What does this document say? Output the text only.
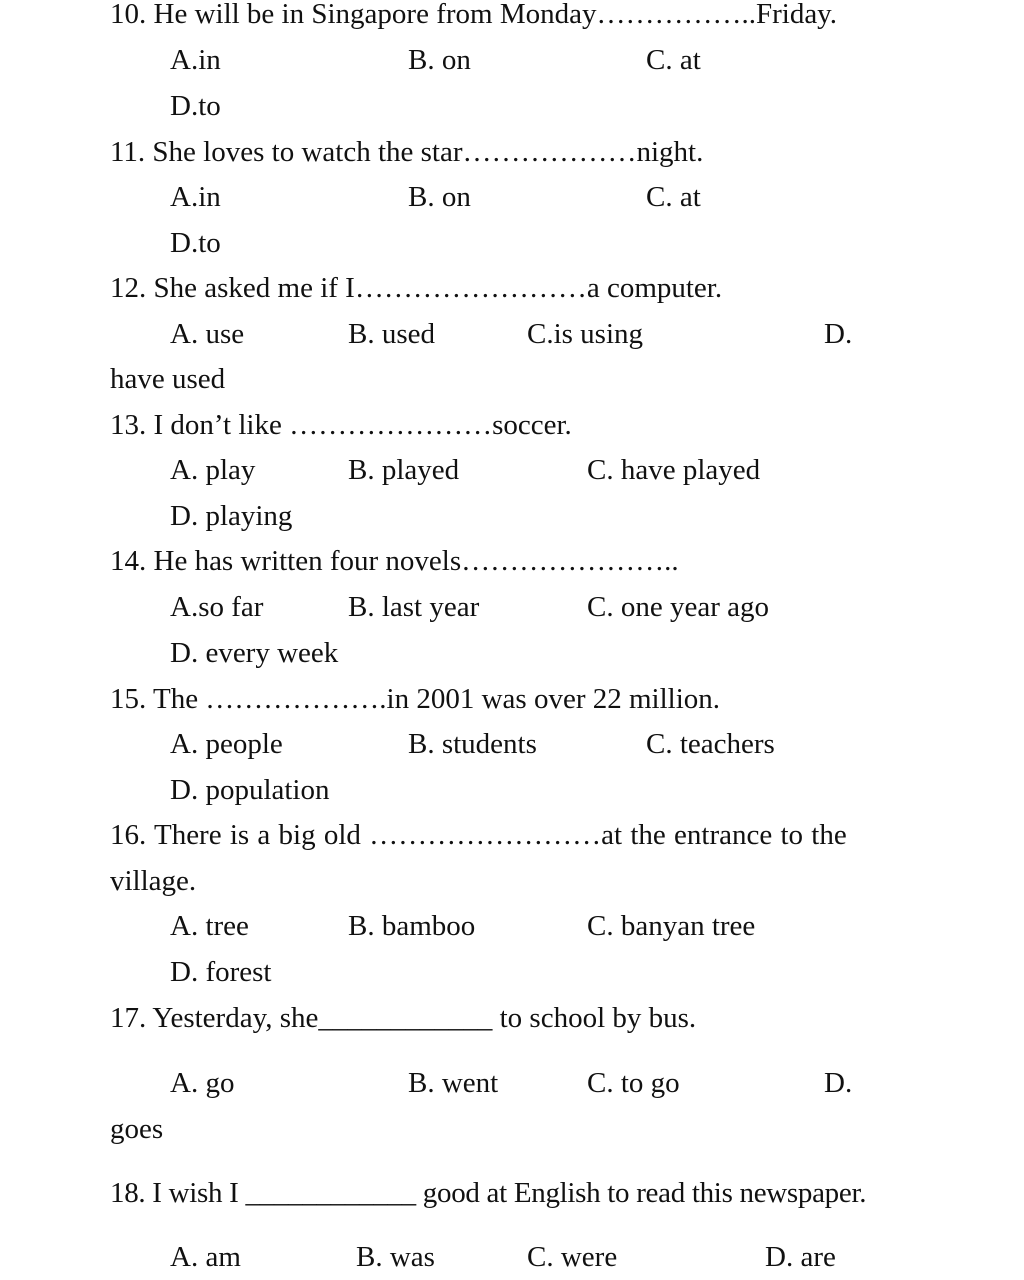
10. He will be in Singapore from Monday……………..Friday.
A.in	B. on	C. at
D.to
11. She loves to watch the star………………night.
A.in	B. on	C. at
D.to
12. She asked me if I……………………a computer.
A. use	B. used	C.is using	D.
have used
13. I don’t like …………………soccer.
A. play	B. played	C. have played
D. playing
14. He has written four novels…………………..
A.so far	B. last year	C. one year ago
D. every week
15. The ……………….in 2001 was over 22 million.
A. people	B. students	C. teachers
D. population
16. There is a big old ……………………at the entrance to the
village.
A. tree	B. bamboo	C. banyan tree
D. forest
17. Yesterday, she____________ to school by bus.
A. go	B. went	C. to go	D.
goes
18. I wish I ____________ good at English to read this newspaper.
A. am	B. was	C. were	D. are
